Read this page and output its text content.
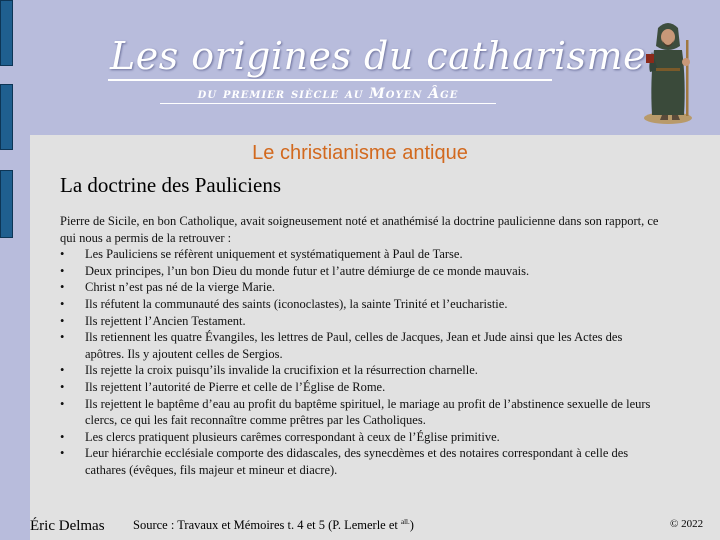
Les origines du catharisme
du premier siècle au Moyen Âge
Le christianisme antique
La doctrine des Pauliciens

Pierre de Sicile, en bon Catholique, avait soigneusement noté et anathémisé la doctrine paulicienne dans son rapport, ce qui nous a permis de la retrouver :

• Les Pauliciens se réfèrent uniquement et systématiquement à Paul de Tarse.
• Deux principes, l’un bon Dieu du monde futur et l’autre démiurge de ce monde mauvais.
• Christ n’est pas né de la vierge Marie.
• Ils réfutent la communauté des saints (iconoclastes), la sainte Trinité et l’eucharistie.
• Ils rejettent l’Ancien Testament.
• Ils retiennent les quatre Évangiles, les lettres de Paul, celles de Jacques, Jean et Jude ainsi que les Actes des apôtres. Ils y ajoutent celles de Sergios.
• Ils rejette la croix puisqu’ils invalide la crucifixion et la résurrection charnelle.
• Ils rejettent l’autorité de Pierre et celle de l’Église de Rome.
• Ils rejettent le baptême d’eau au profit du baptême spirituel, le mariage au profit de l’abstinence sexuelle de leurs clercs, ce qui les fait reconnaître comme prêtres par les Catholiques.
• Les clercs pratiquent plusieurs carêmes correspondant à ceux de l’Église primitive.
• Leur hiérarchie ecclésiale comporte des didascales, des synecdèmes et des notaires correspondant à celle des cathares (évêques, fils majeur et mineur et diacre).
Éric Delmas Source : Travaux et Mémoires t. 4 et 5 (P. Lemerle et $^{all.}$)	© 2022
